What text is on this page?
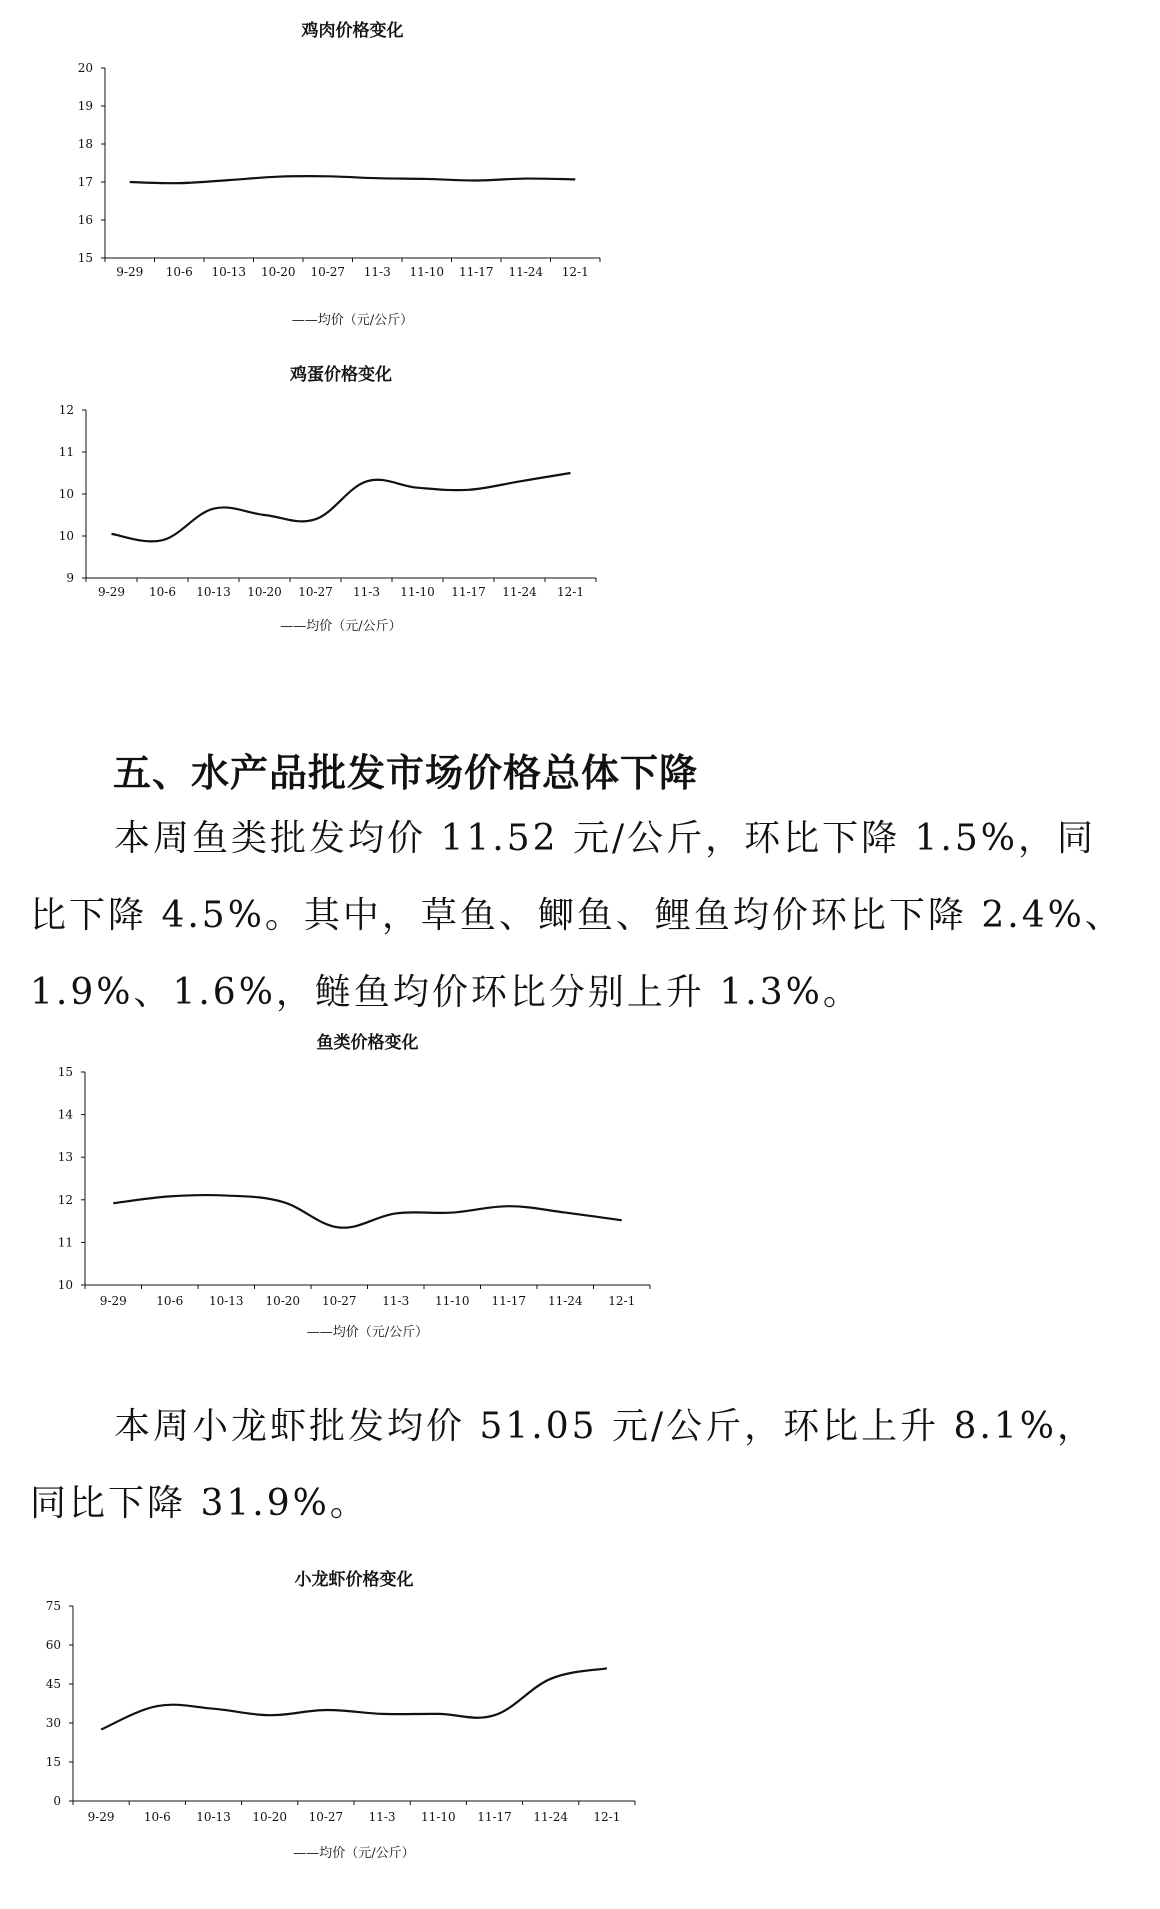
鸡肉价格变化
20
19
18
17
16
15
9-29 10-6 10-13 10-20 10-27 11-3 11-10 11-17 11-24 12-1
——均价（元/公斤）
鸡蛋价格变化
12
11
10
10
9
9-29 10-6 10-13 10-20 10-27 11-3 11-10 11-17 11-24 12-1
——均价（元/公斤）
五、水产品批发市场价格总体下降

本周鱼类批发均价 11.52 元/公斤，环比下降 1.5%，同比下降 4.5%。其中，草鱼、鲫鱼、鲤鱼均价环比下降 2.4%、1.9%、1.6%，鲢鱼均价环比分别上升 1.3%。

鱼类价格变化
15
14
13
12
11
10
9-29 10-6 10-13 10-20 10-27 11-3 11-10 11-17 11-24 12-1
——均价（元/公斤）

本周小龙虾批发均价 51.05 元/公斤，环比上升 8.1%，同比下降 31.9%。

小龙虾价格变化
75
60
45
30
15
0
9-29 10-6 10-13 10-20 10-27 11-3 11-10 11-17 11-24 12-1
——均价（元/公斤）
